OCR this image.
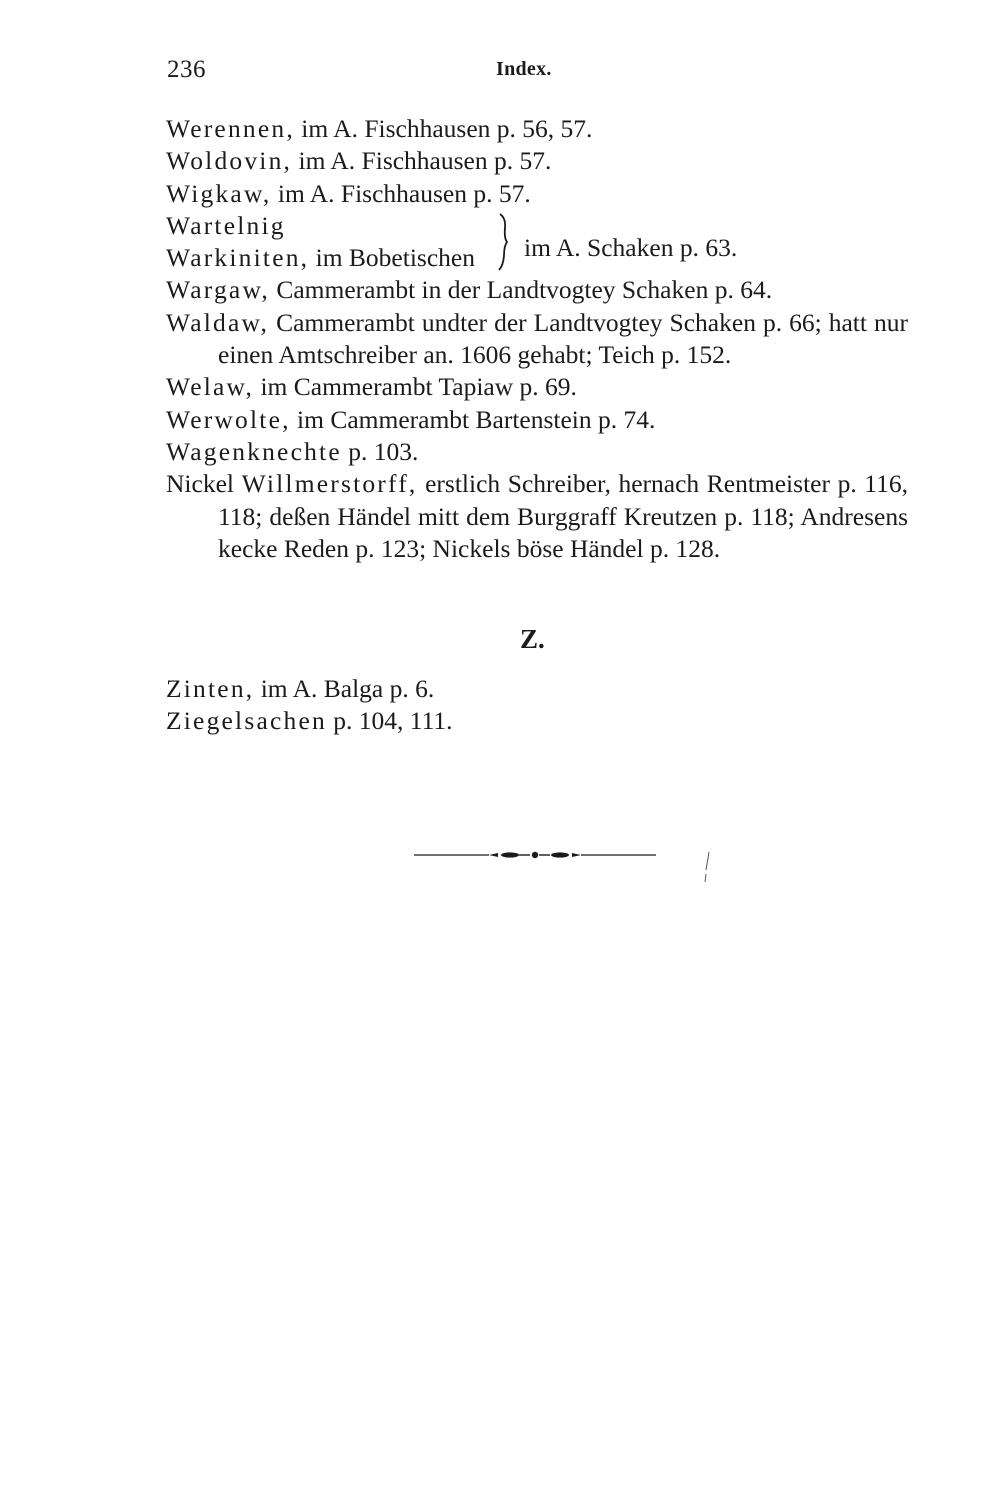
236	Index.

Werennen, im A. Fischhausen p. 56, 57.

Woldovin, im A. Fischhausen p. 57.

Wigkaw, im A. Fischhausen p. 57.

Wartelnig
Warkiniten, im Bobetischen im A. Schaken p. 63.

Wargaw, Cammerambt in der Landtvogtey Schaken p. 64.

Waldaw, Cammerambt undter der Landtvogtey Schaken p. 66; hatt nur einen Amtschreiber an. 1606 gehabt; Teich p. 152.

Welaw, im Cammerambt Tapiaw p. 69.

Werwolte, im Cammerambt Bartenstein p. 74.

Wagenknechte p. 103.

Nickel Willmerstorff, erstlich Schreiber, hernach Rentmeister p. 116, 118; deßen Händel mitt dem Burggraff Kreutzen p. 118; Andresens kecke Reden p. 123; Nickels böse Händel p. 128.

Z.

Zinten, im A. Balga p. 6.

Ziegelsachen p. 104, 111.
